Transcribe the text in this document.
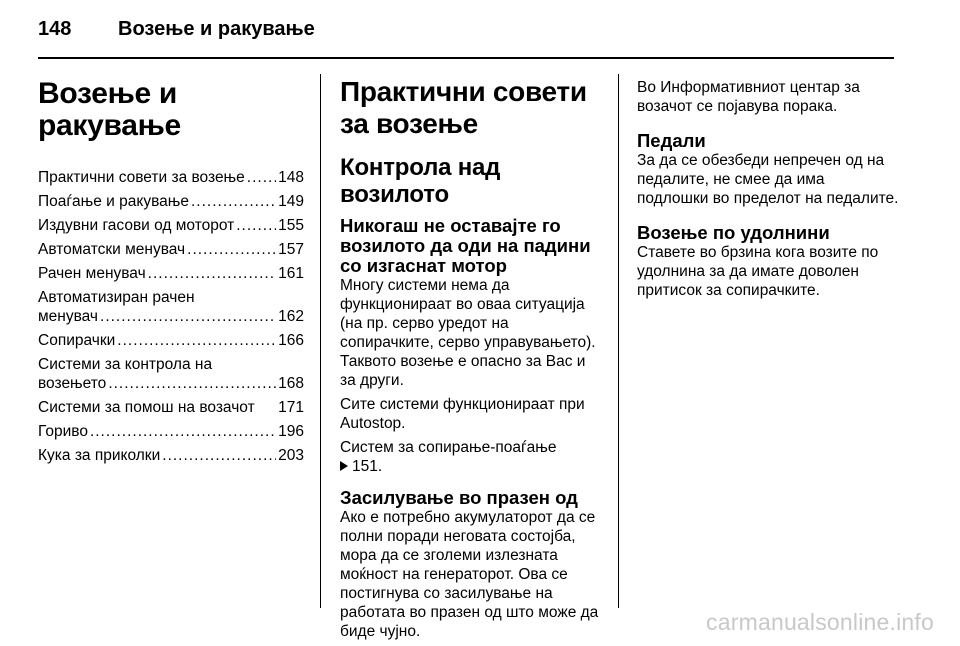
148	Возење и ракување
Возење и ракување
Практични совети за возење ..... 148
Поаѓање и ракување .....	149
Издувни гасови од моторот .....	155
Автоматски менувач .....	157
Рачен менувач .....	161
Автоматизиран рачен
менувач .....	162
Сопирачки .....	166
Системи за контрола на
возењето .....	168
Системи за помош на возачот 171
Гориво .....	196
Кука за приколки .....	203
Практични совети за возење
Контрола над возилото
Никогаш не оставајте го возилото да оди на падини со изгаснат мотор
Многу системи нема да функционираат во оваа ситуација (на пр. серво уредот на сопирачките, серво управувањето). Таквото возење е опасно за Вас и за други.
Сите системи функционираат при Autostop.
Систем за сопирање-поаѓање
151.
Засилување во празен од
Ако е потребно акумулаторот да се полни поради неговата состојба, мора да се зголеми излезната моќност на генераторот. Ова се постигнува со засилување на работата во празен од што може да биде чујно.
Во Информативниот центар за возачот се појавува порака.
Педали
За да се обезбеди непречен од на педалите, не смее да има подлошки во пределот на педалите.
Возење по удолнини
Ставете во брзина кога возите по удолнина за да имате доволен притисок за сопирачките.
carmanualsonline.info
